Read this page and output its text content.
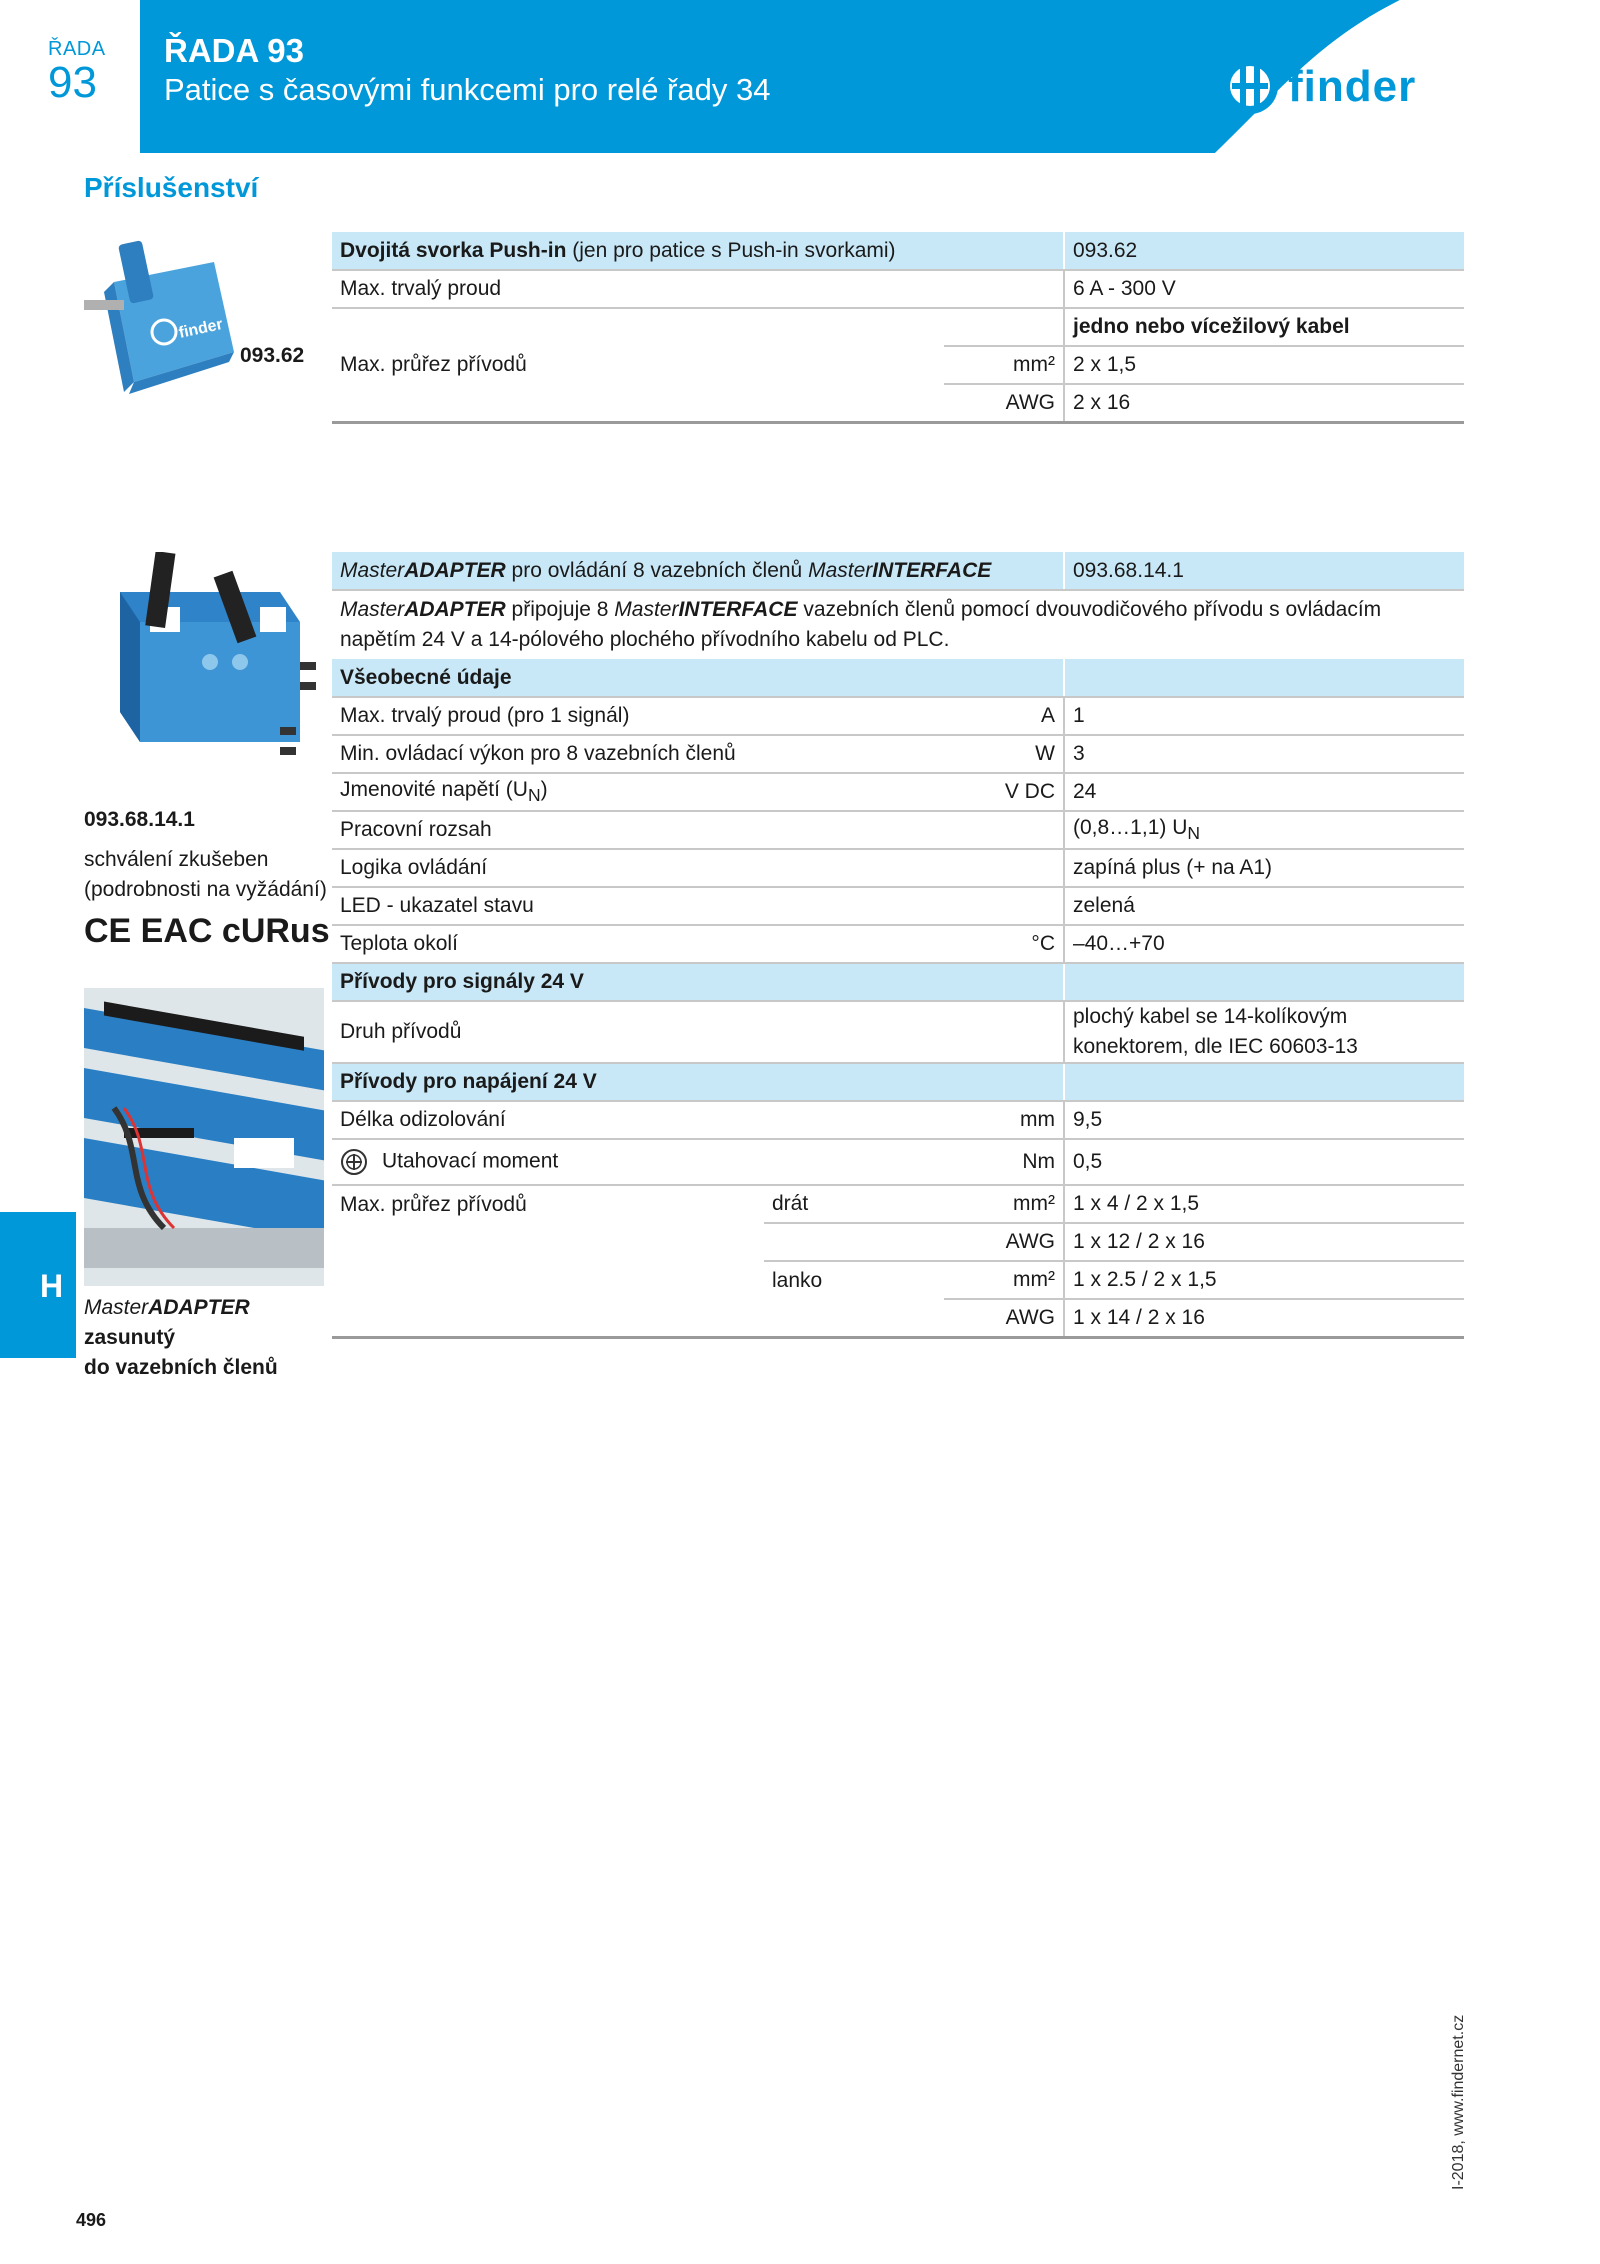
ŘADA
93
ŘADA 93
Patice s časovými funkcemi pro relé řady 34	finder
Příslušenství
H
finder
093.62
Dvojitá svorka Push-in (jen pro patice s Push-in svorkami)		093.62
Max. trvalý proud		6 A - 300 V
		jedno nebo vícežilový kabel
Max. průřez přívodů	mm²	2 x 1,5
	AWG	2 x 16
093.68.14.1
schválení zkušeben
(podrobnosti na vyžádání)
CE EAC cURus
MasterADAPTER
zasunutý
do vazebních členů
MasterADAPTER pro ovládání 8 vazebních členů MasterINTERFACE			093.68.14.1
MasterADAPTER připojuje 8 MasterINTERFACE vazebních členů pomocí dvouvodičového přívodu s ovládacím napětím 24 V a 14-pólového plochého přívodního kabelu od PLC.			
Všeobecné údaje			
Max. trvalý proud (pro 1 signál)		A	1
Min. ovládací výkon pro 8 vazebních členů		W	3
Jmenovité napětí $(U_N)$		V DC	24
Pracovní rozsah			(0,8…1,1) $U_N$
Logika ovládání			zapíná plus (+ na A1)
LED - ukazatel stavu			zelená
Teplota okolí		°C	–40…+70
Přívody pro signály 24 V			
Druh přívodů			plochý kabel se 14-kolíkovým
konektorem, dle IEC 60603-13

Přívody pro napájení 24 V			
Délka odizolování		mm	9,5
Utahovací moment		Nm	0,5
Max. průřez přívodů	drát	mm²	1 x 4 / 2 x 1,5
		AWG	1 x 12 / 2 x 16
	lanko	mm²	1 x 2.5 / 2 x 1,5
		AWG	1 x 14 / 2 x 16
496
I-2018, www.findernet.cz
